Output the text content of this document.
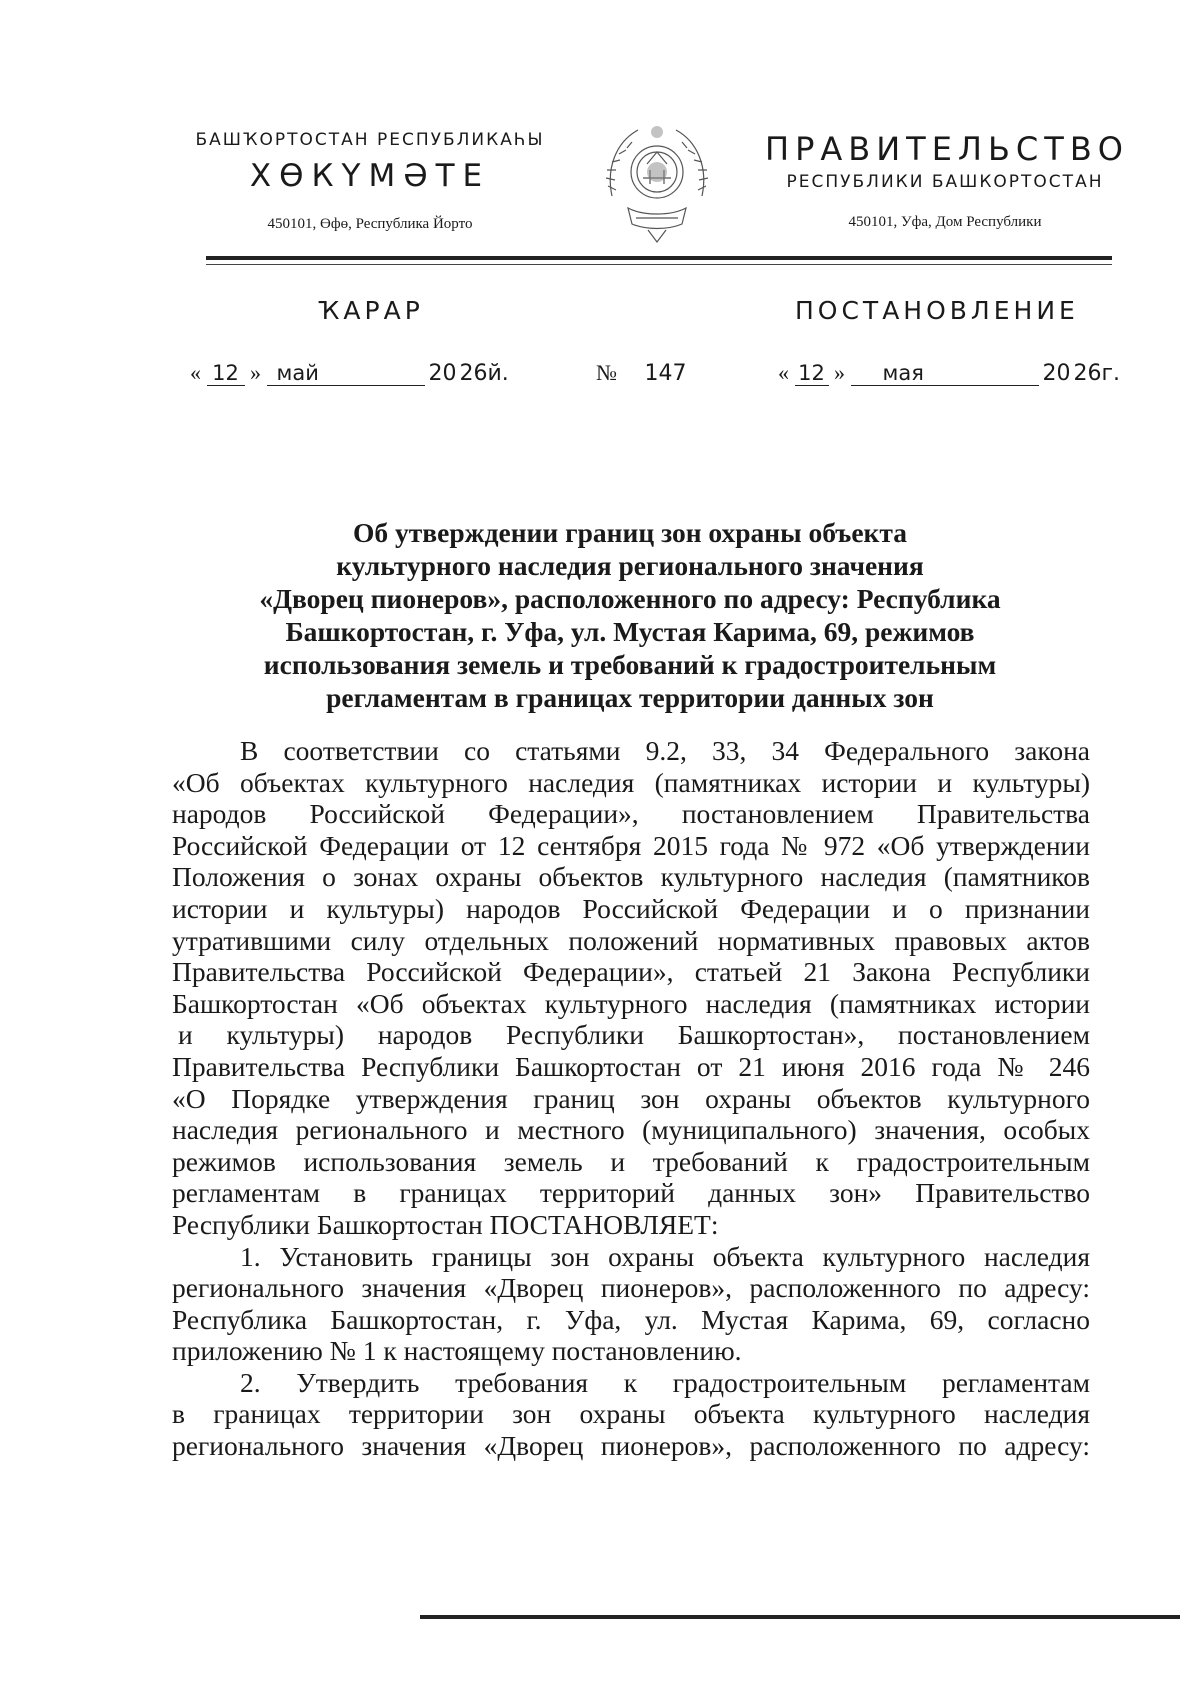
БАШҠОРТОСТАН РЕСПУБЛИКАҺЫ
ХӨКҮМӘТЕ
450101, Өфө, Республика Йорто
ПРАВИТЕЛЬСТВО
РЕСПУБЛИКИ БАШКОРТОСТАН
450101, Уфа, Дом Республики
ҠАРАР	ПОСТАНОВЛЕНИЕ
« 12 » май	20 26й.	№ 147	« 12 » мая	20 26г.
Об утверждении границ зон охраны объекта
культурного наследия регионального значения
«Дворец пионеров», расположенного по адресу: Республика
Башкортостан, г. Уфа, ул. Мустая Карима, 69, режимов
использования земель и требований к градостроительным
регламентам в границах территории данных зон
В соответствии со статьями 9.2, 33, 34 Федерального закона
«Об объектах культурного наследия (памятниках истории и культуры)
народов Российской Федерации», постановлением Правительства
Российской Федерации от 12 сентября 2015 года № 972 «Об утверждении
Положения о зонах охраны объектов культурного наследия (памятников
истории и культуры) народов Российской Федерации и о признании
утратившими силу отдельных положений нормативных правовых актов
Правительства Российской Федерации», статьей 21 Закона Республики
Башкортостан «Об объектах культурного наследия (памятниках истории
и культуры) народов Республики Башкортостан», постановлением
Правительства Республики Башкортостан от 21 июня 2016 года № 246
«О Порядке утверждения границ зон охраны объектов культурного
наследия регионального и местного (муниципального) значения, особых
режимов использования земель и требований к градостроительным
регламентам в границах территорий данных зон» Правительство
Республики Башкортостан ПОСТАНОВЛЯЕТ:
1. Установить границы зон охраны объекта культурного наследия
регионального значения «Дворец пионеров», расположенного по адресу:
Республика Башкортостан, г. Уфа, ул. Мустая Карима, 69, согласно
приложению № 1 к настоящему постановлению.
2. Утвердить требования к градостроительным регламентам
в границах территории зон охраны объекта культурного наследия
регионального значения «Дворец пионеров», расположенного по адресу:
